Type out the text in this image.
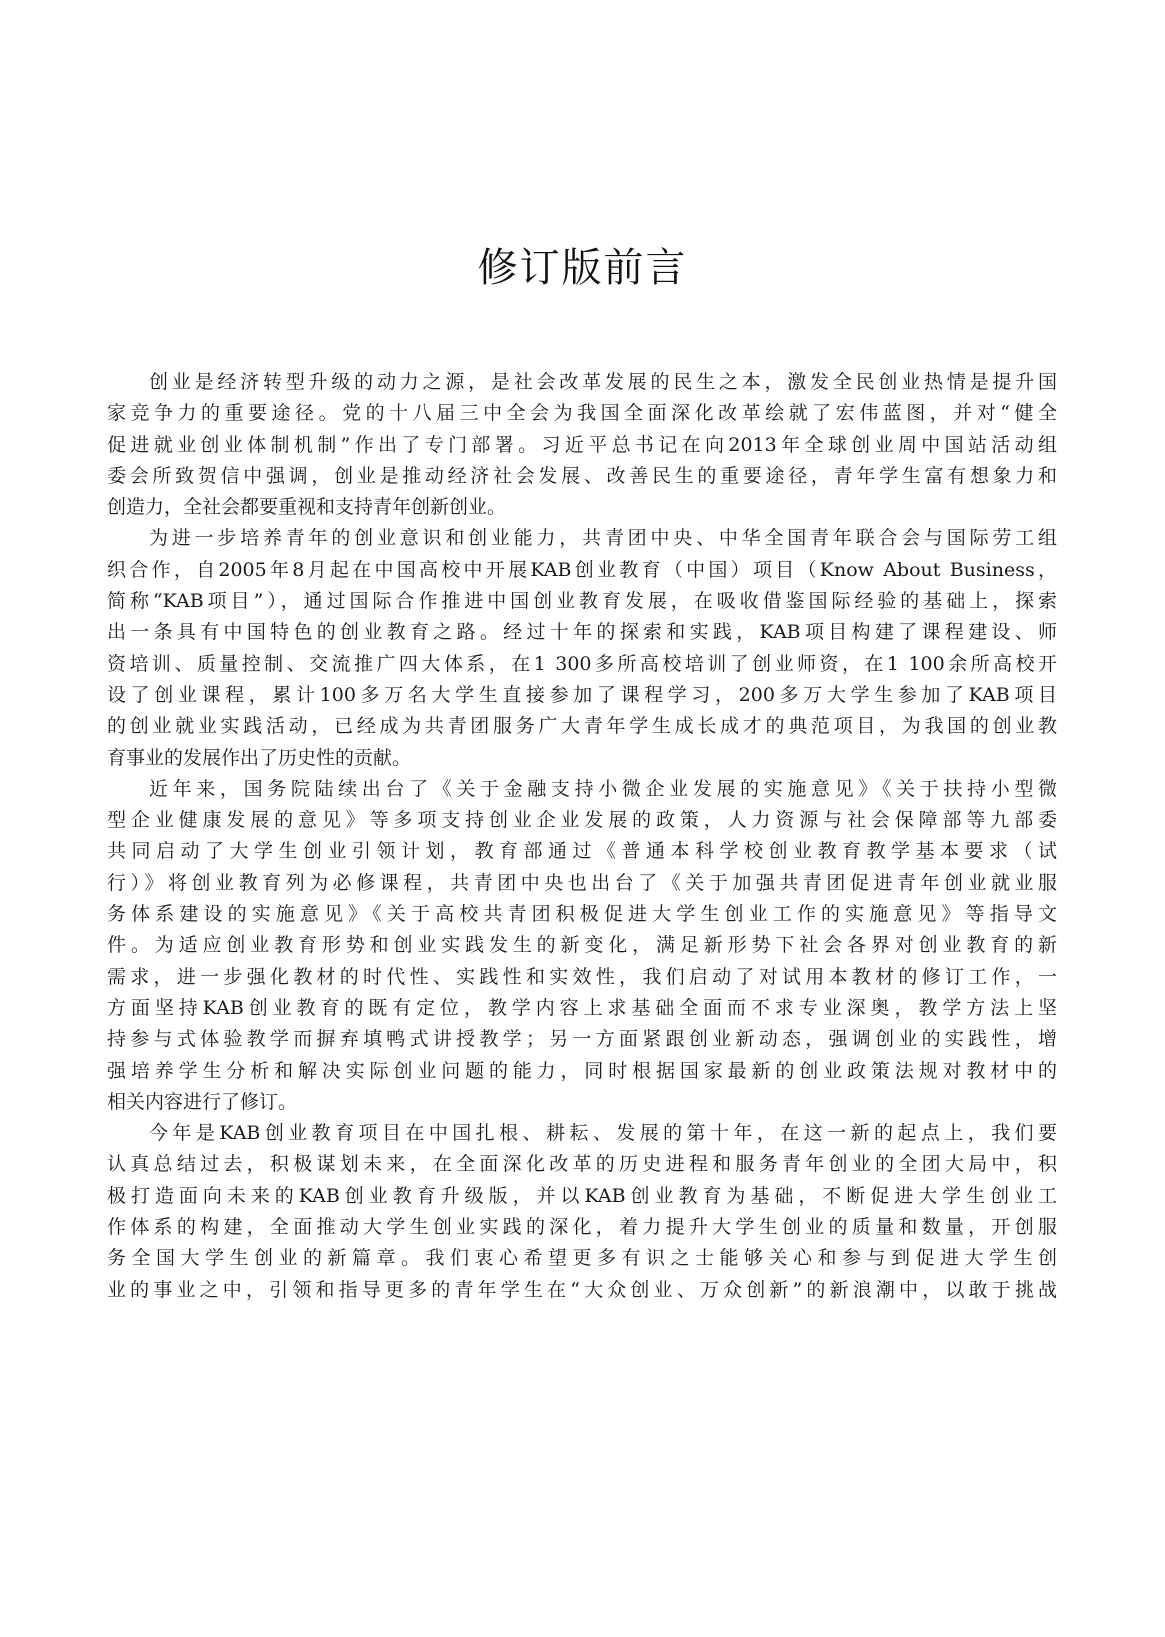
修订版前言
创业是经济转型升级的动力之源，是社会改革发展的民生之本，激发全民创业热情是提升国
家竞争力的重要途径。党的十八届三中全会为我国全面深化改革绘就了宏伟蓝图，并对“健全
促进就业创业体制机制”作出了专门部署。习近平总书记在向2013年全球创业周中国站活动组
委会所致贺信中强调，创业是推动经济社会发展、改善民生的重要途径，青年学生富有想象力和
创造力，全社会都要重视和支持青年创新创业。
为进一步培养青年的创业意识和创业能力，共青团中央、中华全国青年联合会与国际劳工组
织合作，自2005年8月起在中国高校中开展KAB创业教育（中国）项目（Know About Business，
简称“KAB项目”），通过国际合作推进中国创业教育发展，在吸收借鉴国际经验的基础上，探索
出一条具有中国特色的创业教育之路。经过十年的探索和实践，KAB项目构建了课程建设、师
资培训、质量控制、交流推广四大体系，在1 300多所高校培训了创业师资，在1 100余所高校开
设了创业课程，累计100多万名大学生直接参加了课程学习，200多万大学生参加了KAB项目
的创业就业实践活动，已经成为共青团服务广大青年学生成长成才的典范项目，为我国的创业教
育事业的发展作出了历史性的贡献。
近年来，国务院陆续出台了《关于金融支持小微企业发展的实施意见》《关于扶持小型微
型企业健康发展的意见》等多项支持创业企业发展的政策，人力资源与社会保障部等九部委
共同启动了大学生创业引领计划，教育部通过《普通本科学校创业教育教学基本要求（试
行）》将创业教育列为必修课程，共青团中央也出台了《关于加强共青团促进青年创业就业服
务体系建设的实施意见》《关于高校共青团积极促进大学生创业工作的实施意见》等指导文
件。为适应创业教育形势和创业实践发生的新变化，满足新形势下社会各界对创业教育的新
需求，进一步强化教材的时代性、实践性和实效性，我们启动了对试用本教材的修订工作，一
方面坚持KAB创业教育的既有定位，教学内容上求基础全面而不求专业深奥，教学方法上坚
持参与式体验教学而摒弃填鸭式讲授教学；另一方面紧跟创业新动态，强调创业的实践性，增
强培养学生分析和解决实际创业问题的能力，同时根据国家最新的创业政策法规对教材中的
相关内容进行了修订。
今年是KAB创业教育项目在中国扎根、耕耘、发展的第十年，在这一新的起点上，我们要
认真总结过去，积极谋划未来，在全面深化改革的历史进程和服务青年创业的全团大局中，积
极打造面向未来的KAB创业教育升级版，并以KAB创业教育为基础，不断促进大学生创业工
作体系的构建，全面推动大学生创业实践的深化，着力提升大学生创业的质量和数量，开创服
务全国大学生创业的新篇章。我们衷心希望更多有识之士能够关心和参与到促进大学生创
业的事业之中，引领和指导更多的青年学生在“大众创业、万众创新”的新浪潮中，以敢于挑战
